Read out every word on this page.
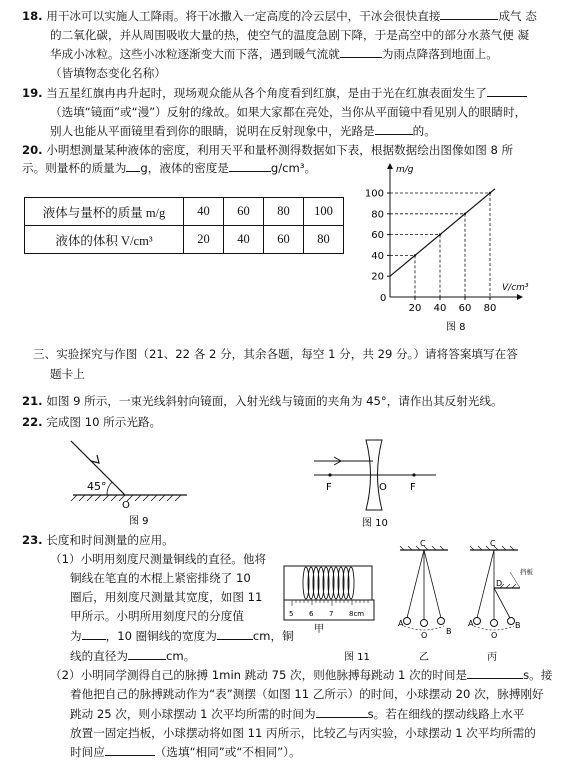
18. 用干冰可以实施人工降雨。将干冰撒入一定高度的冷云层中，干冰会很快直接	成气 态
的二氧化碳，并从周围吸收大量的热，使空气的温度急剧下降，于是高空中的部分水蒸气便 凝
华成小冰粒。这些小冰粒逐渐变大而下落，遇到暖气流就	为雨点降落到地面上。
（皆填物态变化名称）
19. 当五星红旗冉冉升起时，现场观众能从各个角度看到红旗，是由于光在红旗表面发生了
（选填“镜面”或“漫”）反射的缘故。如果大家都在亮处，当你从平面镜中看见别人的眼睛时，
别人也能从平面镜里看到你的眼睛，说明在反射现象中，光路是	的。
20. 小明想测量某种液体的密度，利用天平和量杯测得数据如下表，根据数据绘出图像如图 8 所
示。则量杯的质量为 g，液体的密度是	g/cm³。
液体与量杯的质量 m/g	40	60	80	100
液体的体积 V/cm³	20	40	60	80
m/g
V/cm³
0
100
80
60
40
20
20 40 60 80
图 8
三、实验探究与作图（21、22 各 2 分，其余各题，每空 1 分，共 29 分。）请将答案填写在答
题卡上
21. 如图 9 所示，一束光线斜射向镜面，入射光线与镜面的夹角为 45°，请作出其反射光线。
22. 完成图 10 所示光路。
45°
O
图 9
F	O F
图 10
23. 长度和时间测量的应用。
（1）小明用刻度尺测量铜线的直径。他将
铜线在笔直的木棍上紧密排绕了 10
圈后，用刻度尺测量其宽度，如图 11
甲所示。小明所用刻度尺的分度值
为 ，10 圈铜线的宽度为	cm，铜
线的直径为	cm。
5 6 7 8cm
甲
C
A
O B
乙
C
挡板
D
A
O
B
丙
图 11
（2）小明同学测得自己的脉搏 1min 跳动 75 次，则他脉搏每跳动 1 次的时间是	s。接
着他把自己的脉搏跳动作为“表”测摆（如图 11 乙所示）的时间，小球摆动 20 次，脉搏刚好
跳动 25 次，则小球摆动 1 次平均所需的时间为	s。若在细线的摆动线路上水平
放置一固定挡板，小球摆动将如图 11 丙所示，比较乙与丙实验，小球摆动 1 次平均所需的
时间应	（选填“相同”或“不相同”）。
